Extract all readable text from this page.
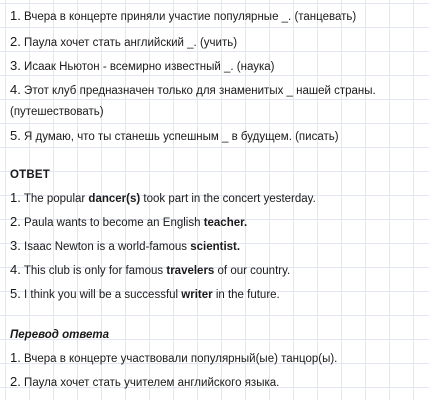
1. Вчера в концерте приняли участие популярные _. (танцевать)
2. Паула хочет стать английский _. (учить)
3. Исаак Ньютон - всемирно известный _. (наука)
4. Этот клуб предназначен только для знаменитых _ нашей страны.
(путешествовать)
5. Я думаю, что ты станешь успешным _ в будущем. (писать)
ОТВЕТ
1. The popular dancer(s) took part in the concert yesterday.
2. Paula wants to become an English teacher.
3. Isaac Newton is a world-famous scientist.
4. This club is only for famous travelers of our country.
5. I think you will be a successful writer in the future.
Перевод ответа
1. Вчера в концерте участвовали популярный(ые) танцор(ы).
2. Паула хочет стать учителем английского языка.
